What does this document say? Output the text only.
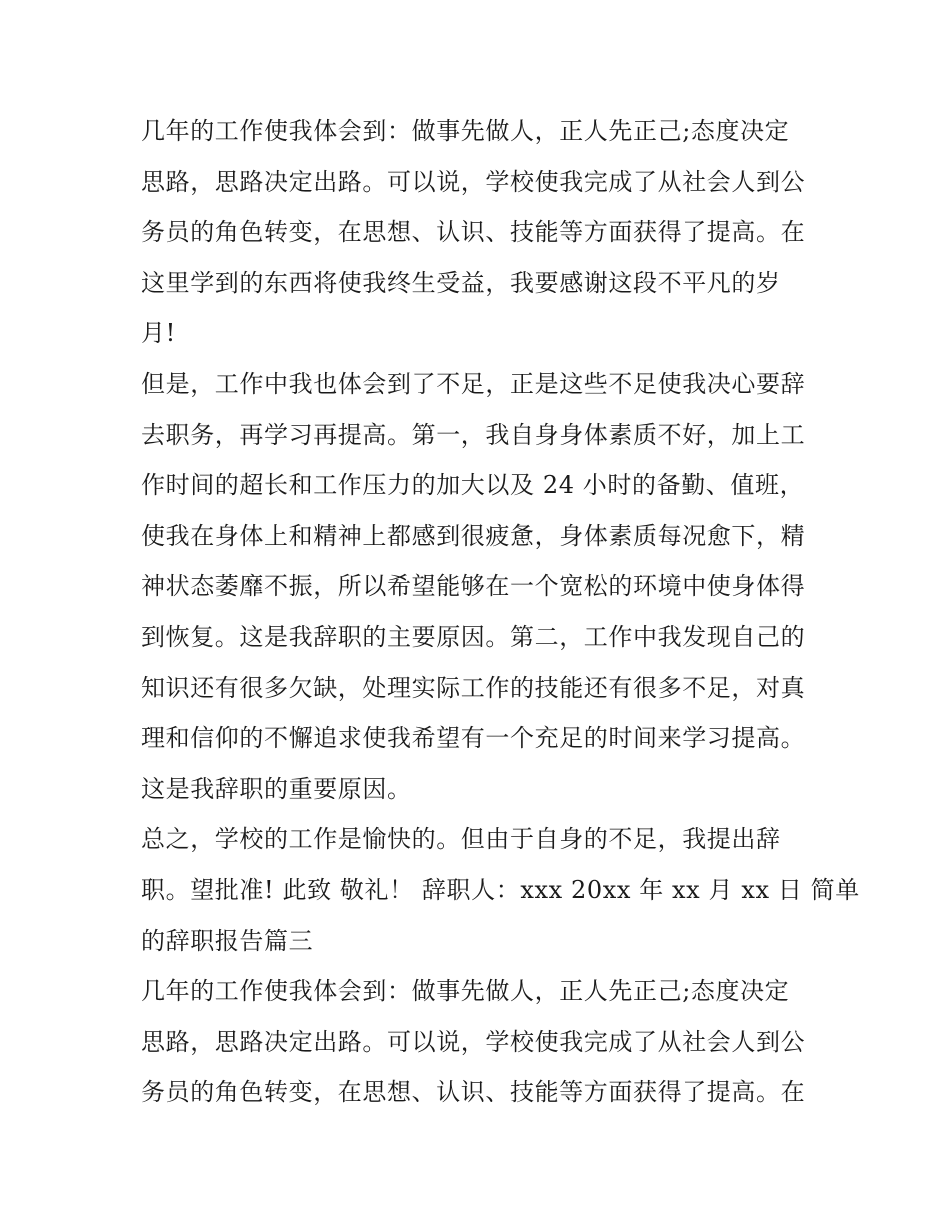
几年的工作使我体会到：做事先做人，正人先正己;态度决定
思路，思路决定出路。可以说，学校使我完成了从社会人到公
务员的角色转变，在思想、认识、技能等方面获得了提高。在
这里学到的东西将使我终生受益，我要感谢这段不平凡的岁
月!
但是，工作中我也体会到了不足，正是这些不足使我决心要辞
去职务，再学习再提高。第一，我自身身体素质不好，加上工
作时间的超长和工作压力的加大以及 24 小时的备勤、值班，
使我在身体上和精神上都感到很疲惫，身体素质每况愈下，精
神状态萎靡不振，所以希望能够在一个宽松的环境中使身体得
到恢复。这是我辞职的主要原因。第二，工作中我发现自己的
知识还有很多欠缺，处理实际工作的技能还有很多不足，对真
理和信仰的不懈追求使我希望有一个充足的时间来学习提高。
这是我辞职的重要原因。
总之，学校的工作是愉快的。但由于自身的不足，我提出辞
职。望批准! 此致 敬礼！ 辞职人：xxx 20xx 年 xx 月 xx 日 简单
的辞职报告篇三
几年的工作使我体会到：做事先做人，正人先正己;态度决定
思路，思路决定出路。可以说，学校使我完成了从社会人到公
务员的角色转变，在思想、认识、技能等方面获得了提高。在
